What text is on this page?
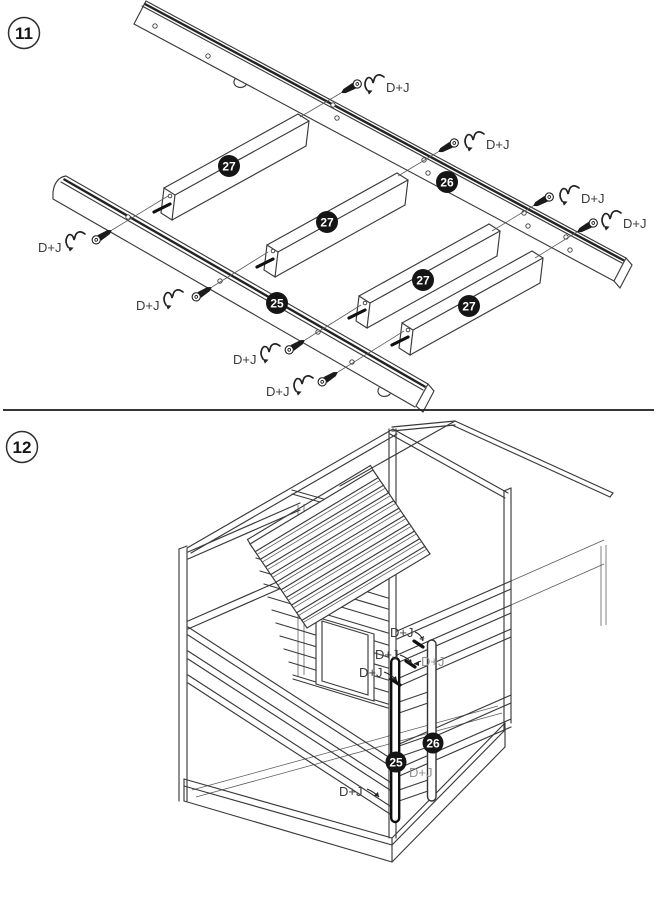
D+J
D+J
D+J
D+J
D+J
D+J
D+J
D+J
26
25
27
27
27
27
11
D+J
D+J D+J
D+J
D+J
D+J
25
26
12
